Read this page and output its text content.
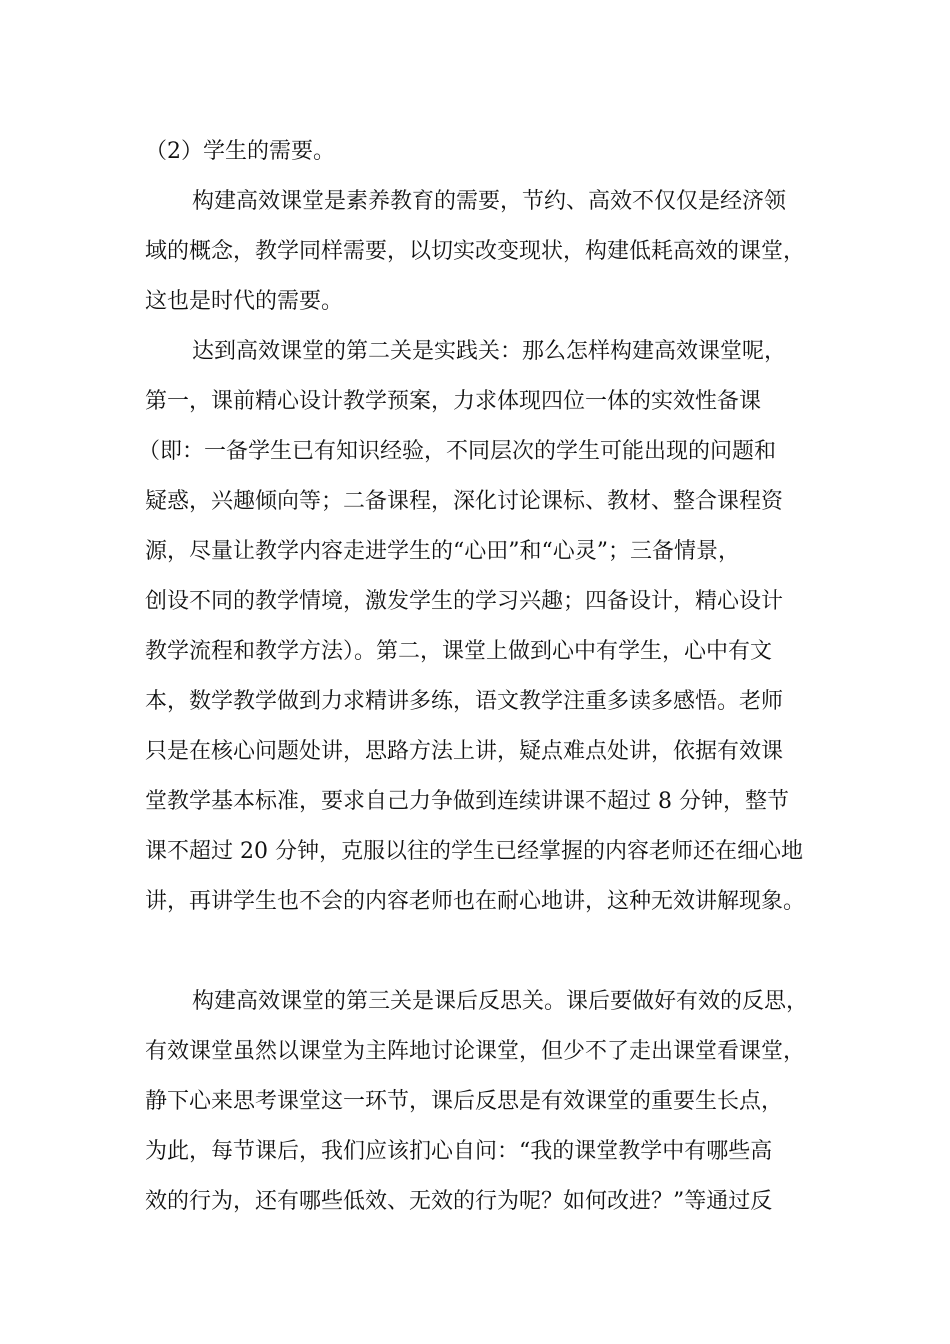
（2）学生的需要。
构建高效课堂是素养教育的需要，节约、高效不仅仅是经济领
域的概念，教学同样需要，以切实改变现状，构建低耗高效的课堂，
这也是时代的需要。
达到高效课堂的第二关是实践关：那么怎样构建高效课堂呢，
第一，课前精心设计教学预案，力求体现四位一体的实效性备课
（即：一备学生已有知识经验，不同层次的学生可能出现的问题和
疑惑，兴趣倾向等；二备课程，深化讨论课标、教材、整合课程资
源，尽量让教学内容走进学生的“心田”和“心灵”；三备情景，
创设不同的教学情境，激发学生的学习兴趣；四备设计，精心设计
教学流程和教学方法）。第二，课堂上做到心中有学生，心中有文
本，数学教学做到力求精讲多练，语文教学注重多读多感悟。老师
只是在核心问题处讲，思路方法上讲，疑点难点处讲，依据有效课
堂教学基本标准，要求自己力争做到连续讲课不超过 8 分钟，整节
课不超过 20 分钟，克服以往的学生已经掌握的内容老师还在细心地
讲，再讲学生也不会的内容老师也在耐心地讲，这种无效讲解现象。
构建高效课堂的第三关是课后反思关。课后要做好有效的反思，
有效课堂虽然以课堂为主阵地讨论课堂，但少不了走出课堂看课堂，
静下心来思考课堂这一环节，课后反思是有效课堂的重要生长点，
为此，每节课后，我们应该扪心自问：“我的课堂教学中有哪些高
效的行为，还有哪些低效、无效的行为呢？如何改进？”等通过反
